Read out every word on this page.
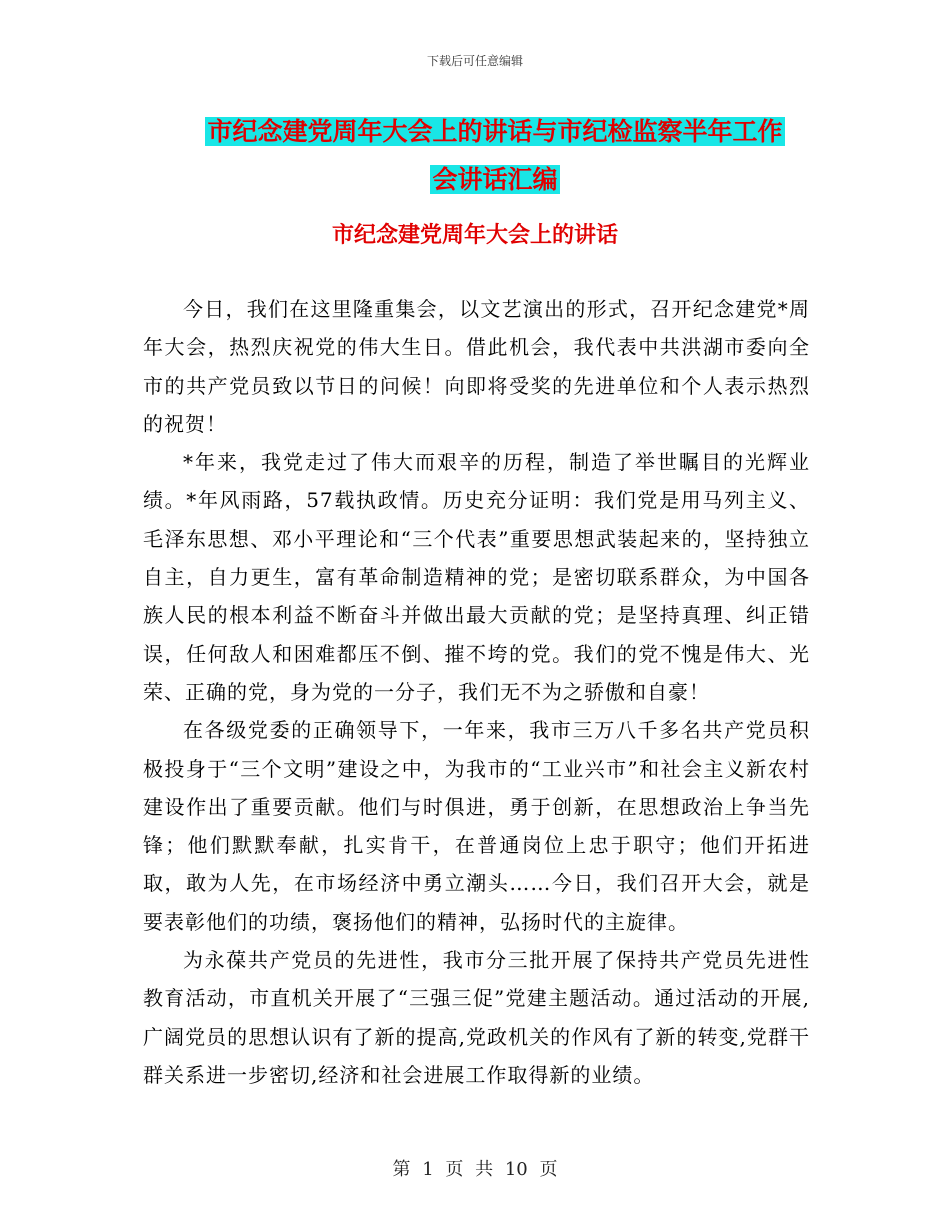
下载后可任意编辑
市纪念建党周年大会上的讲话与市纪检监察半年工作
会讲话汇编
市纪念建党周年大会上的讲话

今日，我们在这里隆重集会，以文艺演出的形式，召开纪念建党*周年大会，热烈庆祝党的伟大生日。借此机会，我代表中共洪湖市委向全市的共产党员致以节日的问候！向即将受奖的先进单位和个人表示热烈的祝贺！

*年来，我党走过了伟大而艰辛的历程，制造了举世瞩目的光辉业绩。*年风雨路，57载执政情。历史充分证明：我们党是用马列主义、毛泽东思想、邓小平理论和“三个代表”重要思想武装起来的，坚持独立自主，自力更生，富有革命制造精神的党；是密切联系群众，为中国各族人民的根本利益不断奋斗并做出最大贡献的党；是坚持真理、纠正错误，任何敌人和困难都压不倒、摧不垮的党。我们的党不愧是伟大、光荣、正确的党，身为党的一分子，我们无不为之骄傲和自豪！

在各级党委的正确领导下，一年来，我市三万八千多名共产党员积极投身于“三个文明”建设之中，为我市的“工业兴市”和社会主义新农村建设作出了重要贡献。他们与时俱进，勇于创新，在思想政治上争当先锋；他们默默奉献，扎实肯干，在普通岗位上忠于职守；他们开拓进取，敢为人先，在市场经济中勇立潮头……今日，我们召开大会，就是要表彰他们的功绩，褒扬他们的精神，弘扬时代的主旋律。

为永葆共产党员的先进性，我市分三批开展了保持共产党员先进性教育活动，市直机关开展了“三强三促”党建主题活动。通过活动的开展,广阔党员的思想认识有了新的提高,党政机关的作风有了新的转变,党群干群关系进一步密切,经济和社会进展工作取得新的业绩。

第 1 页 共 10 页
